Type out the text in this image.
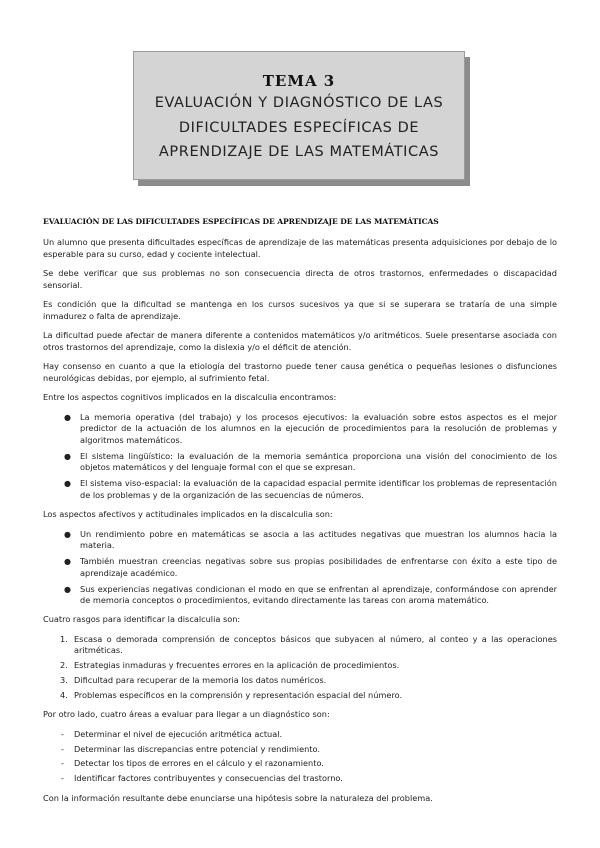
TEMA 3
EVALUACIÓN Y DIAGNÓSTICO DE LAS
DIFICULTADES ESPECÍFICAS DE
APRENDIZAJE DE LAS MATEMÁTICAS
EVALUACIÓN DE LAS DIFICULTADES ESPECÍFICAS DE APRENDIZAJE DE LAS MATEMÁTICAS

Un alumno que presenta dificultades específicas de aprendizaje de las matemáticas presenta adquisiciones por debajo de lo esperable para su curso, edad y cociente intelectual.

Se debe verificar que sus problemas no son consecuencia directa de otros trastornos, enfermedades o discapacidad sensorial.

Es condición que la dificultad se mantenga en los cursos sucesivos ya que si se superara se trataría de una simple inmadurez o falta de aprendizaje.

La dificultad puede afectar de manera diferente a contenidos matemáticos y/o aritméticos. Suele presentarse asociada con otros trastornos del aprendizaje, como la dislexia y/o el déficit de atención.

Hay consenso en cuanto a que la etiología del trastorno puede tener causa genética o pequeñas lesiones o disfunciones neurológicas debidas, por ejemplo, al sufrimiento fetal.

Entre los aspectos cognitivos implicados en la discalculia encontramos:

● La memoria operativa (del trabajo) y los procesos ejecutivos: la evaluación sobre estos aspectos es el mejor predictor de la actuación de los alumnos en la ejecución de procedimientos para la resolución de problemas y algoritmos matemáticos.
● El sistema lingüístico: la evaluación de la memoria semántica proporciona una visión del conocimiento de los objetos matemáticos y del lenguaje formal con el que se expresan.
● El sistema viso-espacial: la evaluación de la capacidad espacial permite identificar los problemas de representación de los problemas y de la organización de las secuencias de números.

Los aspectos afectivos y actitudinales implicados en la discalculia son:

● Un rendimiento pobre en matemáticas se asocia a las actitudes negativas que muestran los alumnos hacia la materia.
● También muestran creencias negativas sobre sus propias posibilidades de enfrentarse con éxito a este tipo de aprendizaje académico.
● Sus experiencias negativas condicionan el modo en que se enfrentan al aprendizaje, conformándose con aprender de memoria conceptos o procedimientos, evitando directamente las tareas con aroma matemático.

Cuatro rasgos para identificar la discalculia son:

1. Escasa o demorada comprensión de conceptos básicos que subyacen al número, al conteo y a las operaciones aritméticas.
2. Estrategias inmaduras y frecuentes errores en la aplicación de procedimientos.
3. Dificultad para recuperar de la memoria los datos numéricos.
4. Problemas específicos en la comprensión y representación espacial del número.

Por otro lado, cuatro áreas a evaluar para llegar a un diagnóstico son:

- Determinar el nivel de ejecución aritmética actual.
- Determinar las discrepancias entre potencial y rendimiento.
- Detectar los tipos de errores en el cálculo y el razonamiento.
- Identificar factores contribuyentes y consecuencias del trastorno.

Con la información resultante debe enunciarse una hipótesis sobre la naturaleza del problema.
